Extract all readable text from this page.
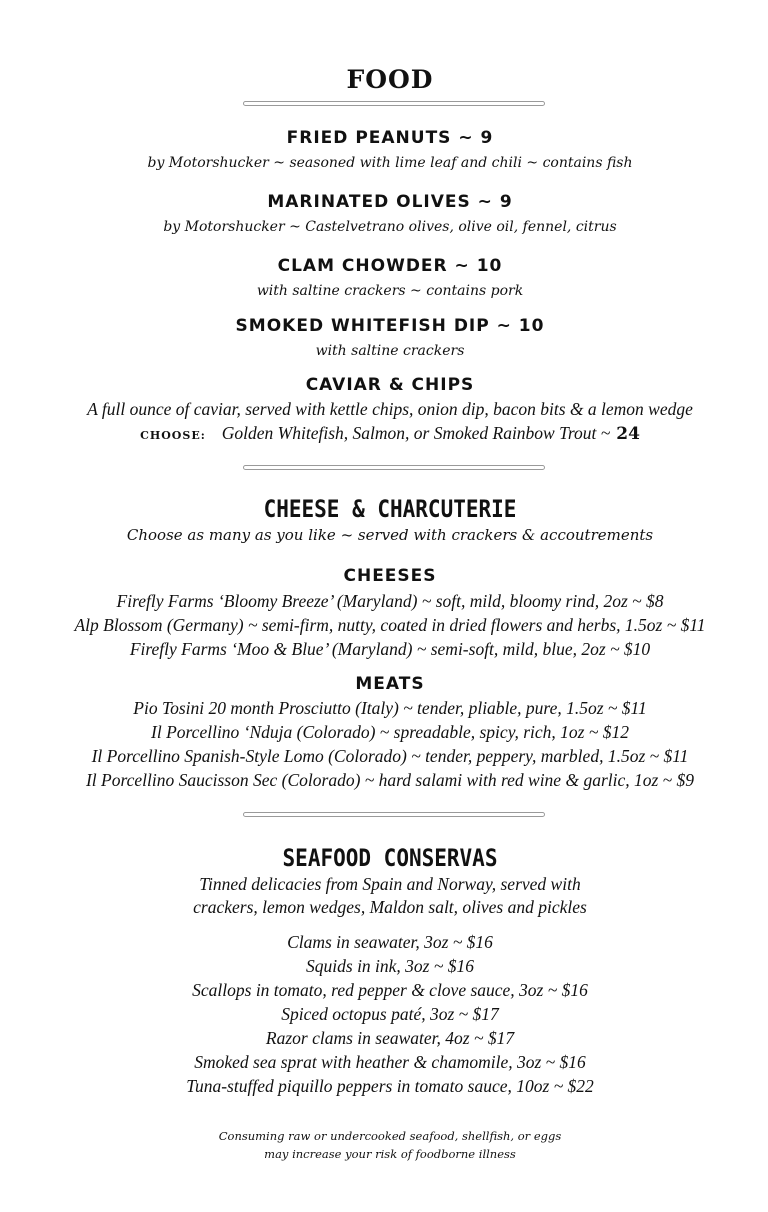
FOOD
FRIED PEANUTS ~ 9
by Motorshucker ~ seasoned with lime leaf and chili ~ contains fish
MARINATED OLIVES ~ 9
by Motorshucker ~ Castelvetrano olives, olive oil, fennel, citrus
CLAM CHOWDER ~ 10
with saltine crackers ~ contains pork
SMOKED WHITEFISH DIP ~ 10
with saltine crackers
CAVIAR & CHIPS
A full ounce of caviar, served with kettle chips, onion dip, bacon bits & a lemon wedge
CHOOSE: Golden Whitefish, Salmon, or Smoked Rainbow Trout ~ 24
CHEESE & CHARCUTERIE
Choose as many as you like ~ served with crackers & accoutrements
CHEESES
Firefly Farms ‘Bloomy Breeze’ (Maryland) ~ soft, mild, bloomy rind, 2oz ~ $8
Alp Blossom (Germany) ~ semi-firm, nutty, coated in dried flowers and herbs, 1.5oz ~ $11
Firefly Farms ‘Moo & Blue’ (Maryland) ~ semi-soft, mild, blue, 2oz ~ $10
MEATS
Pio Tosini 20 month Prosciutto (Italy) ~ tender, pliable, pure, 1.5oz ~ $11
Il Porcellino ‘Nduja (Colorado) ~ spreadable, spicy, rich, 1oz ~ $12
Il Porcellino Spanish-Style Lomo (Colorado) ~ tender, peppery, marbled, 1.5oz ~ $11
Il Porcellino Saucisson Sec (Colorado) ~ hard salami with red wine & garlic, 1oz ~ $9
SEAFOOD CONSERVAS
Tinned delicacies from Spain and Norway, served with
crackers, lemon wedges, Maldon salt, olives and pickles
Clams in seawater, 3oz ~ $16
Squids in ink, 3oz ~ $16
Scallops in tomato, red pepper & clove sauce, 3oz ~ $16
Spiced octopus paté, 3oz ~ $17
Razor clams in seawater, 4oz ~ $17
Smoked sea sprat with heather & chamomile, 3oz ~ $16
Tuna-stuffed piquillo peppers in tomato sauce, 10oz ~ $22
Consuming raw or undercooked seafood, shellfish, or eggs
may increase your risk of foodborne illness
